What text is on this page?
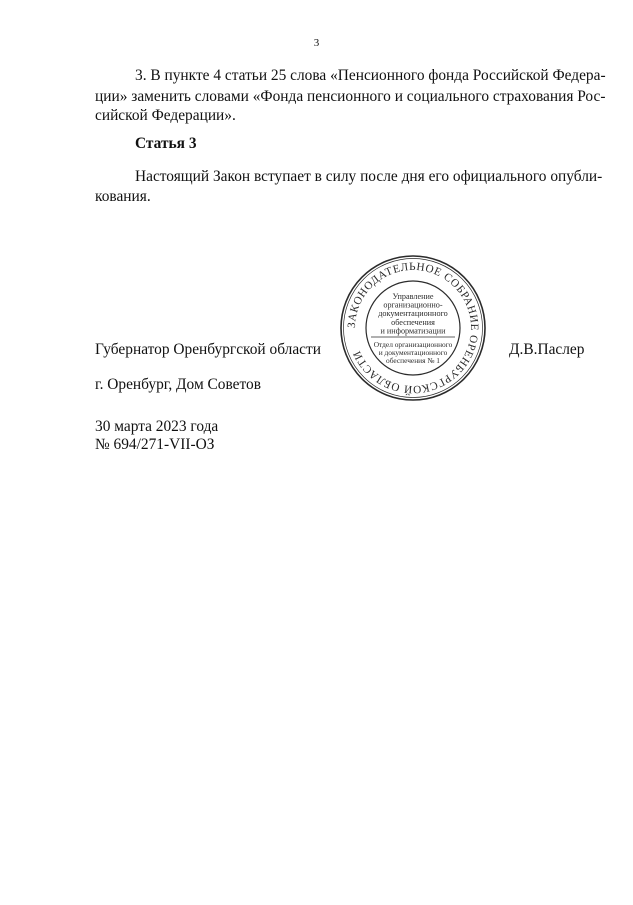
3
3. В пункте 4 статьи 25 слова «Пенсионного фонда Российской Федера-
ции» заменить словами «Фонда пенсионного и социального страхования Рос-
сийской Федерации».
Статья 3
Настоящий Закон вступает в силу после дня его официального опубли-
кования.
ЗАКОНОДАТЕЛЬНОЕ СОБРАНИЕ ОРЕНБУРГСКОЙ ОБЛАСТИ
Управление
организационно-
документационного
обеспечения
и информатизации
Отдел организационного
и документационного
обеспечения № 1
Губернатор Оренбургской области	Д.В.Паслер
г. Оренбург, Дом Советов
30 марта 2023 года
№ 694/271-VII-ОЗ
